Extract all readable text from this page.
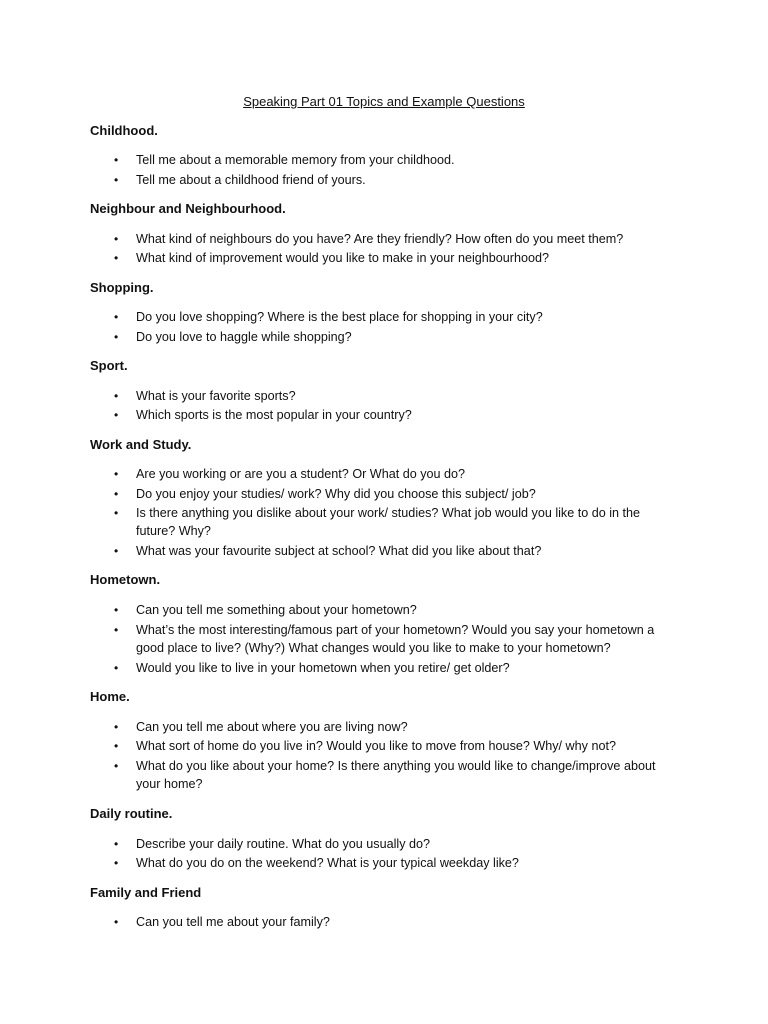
Speaking Part 01 Topics and Example Questions
Childhood.
•	Tell me about a memorable memory from your childhood.
•	Tell me about a childhood friend of yours.
Neighbour and Neighbourhood.
•	What kind of neighbours do you have? Are they friendly? How often do you meet them?
•	What kind of improvement would you like to make in your neighbourhood?
Shopping.
•	Do you love shopping? Where is the best place for shopping in your city?
•	Do you love to haggle while shopping?
Sport.
•	What is your favorite sports?
•	Which sports is the most popular in your country?
Work and Study.
•	Are you working or are you a student? Or What do you do?
•	Do you enjoy your studies/ work? Why did you choose this subject/ job?
•	Is there anything you dislike about your work/ studies? What job would you like to do in the future? Why?
•	What was your favourite subject at school? What did you like about that?
Hometown.
•	Can you tell me something about your hometown?
•	What’s the most interesting/famous part of your hometown? Would you say your hometown a good place to live? (Why?) What changes would you like to make to your hometown?
•	Would you like to live in your hometown when you retire/ get older?
Home.
•	Can you tell me about where you are living now?
•	What sort of home do you live in? Would you like to move from house? Why/ why not?
•	What do you like about your home? Is there anything you would like to change/improve about your home?
Daily routine.
•	Describe your daily routine. What do you usually do?
•	What do you do on the weekend? What is your typical weekday like?
Family and Friend
•	Can you tell me about your family?
